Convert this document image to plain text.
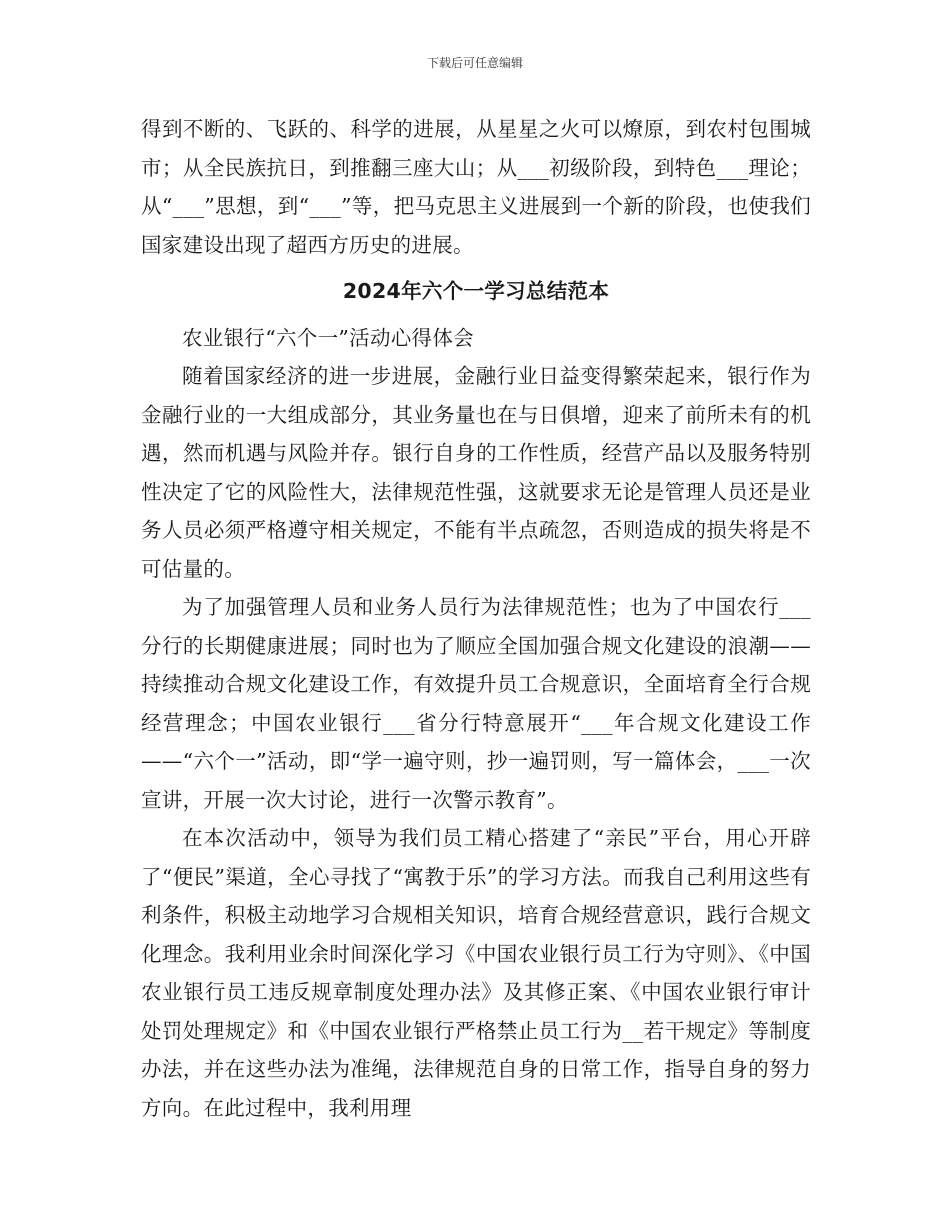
下载后可任意编辑

得到不断的、飞跃的、科学的进展，从星星之火可以燎原，到农村包围城市；从全民族抗日，到推翻三座大山；从___初级阶段，到特色___理论；从“___”思想，到“___”等，把马克思主义进展到一个新的阶段，也使我们国家建设出现了超西方历史的进展。

2024年六个一学习总结范本

农业银行“六个一”活动心得体会

随着国家经济的进一步进展，金融行业日益变得繁荣起来，银行作为金融行业的一大组成部分，其业务量也在与日俱增，迎来了前所未有的机遇，然而机遇与风险并存。银行自身的工作性质，经营产品以及服务特别性决定了它的风险性大，法律规范性强，这就要求无论是管理人员还是业务人员必须严格遵守相关规定，不能有半点疏忽，否则造成的损失将是不可估量的。

为了加强管理人员和业务人员行为法律规范性；也为了中国农行___分行的长期健康进展；同时也为了顺应全国加强合规文化建设的浪潮——持续推动合规文化建设工作，有效提升员工合规意识，全面培育全行合规经营理念；中国农业银行___省分行特意展开“___年合规文化建设工作——“六个一”活动，即“学一遍守则，抄一遍罚则，写一篇体会，___一次宣讲，开展一次大讨论，进行一次警示教育”。

在本次活动中，领导为我们员工精心搭建了“亲民”平台，用心开辟了“便民”渠道，全心寻找了“寓教于乐”的学习方法。而我自己利用这些有利条件，积极主动地学习合规相关知识，培育合规经营意识，践行合规文化理念。我利用业余时间深化学习《中国农业银行员工行为守则》、《中国农业银行员工违反规章制度处理办法》及其修正案、《中国农业银行审计处罚处理规定》和《中国农业银行严格禁止员工行为__若干规定》等制度办法，并在这些办法为准绳，法律规范自身的日常工作，指导自身的努力方向。在此过程中，我利用理
